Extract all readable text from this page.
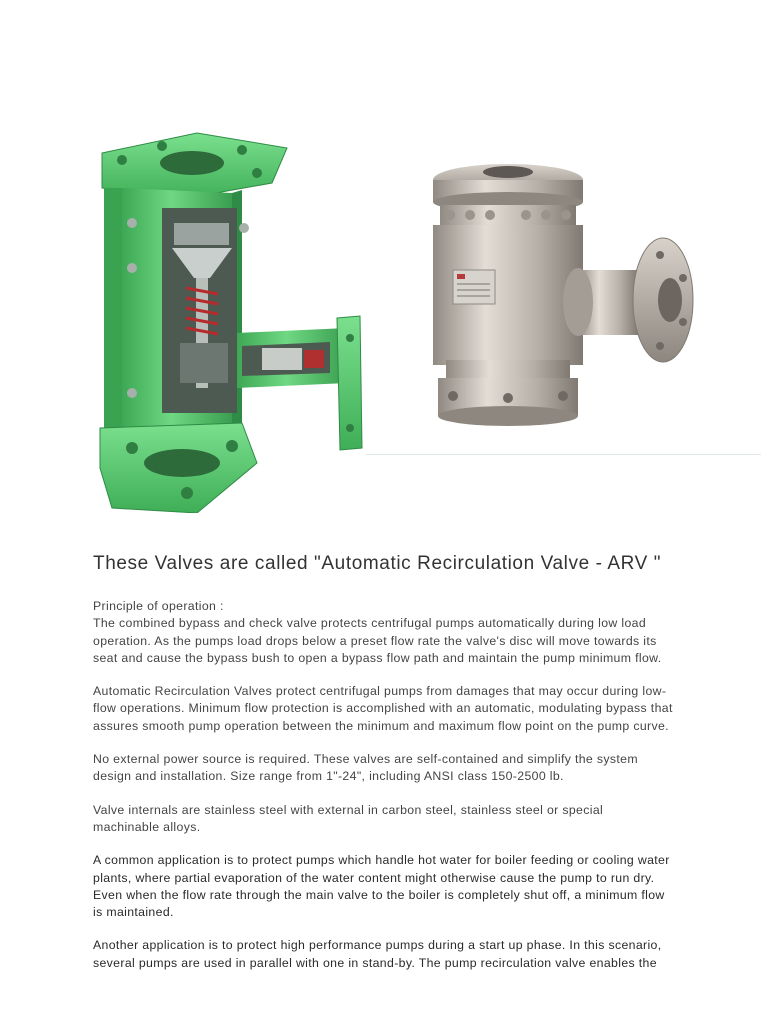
These Valves are called "Automatic Recirculation Valve - ARV "

Principle of operation :
The combined bypass and check valve protects centrifugal pumps automatically during low load operation. As the pumps load drops below a preset flow rate the valve's disc will move towards its seat and cause the bypass bush to open a bypass flow path and maintain the pump minimum flow.

Automatic Recirculation Valves protect centrifugal pumps from damages that may occur during low-flow operations. Minimum flow protection is accomplished with an automatic, modulating bypass that assures smooth pump operation between the minimum and maximum flow point on the pump curve.

No external power source is required. These valves are self-contained and simplify the system design and installation. Size range from 1"-24", including ANSI class 150-2500 lb.

Valve internals are stainless steel with external in carbon steel, stainless steel or special machinable alloys.

A common application is to protect pumps which handle hot water for boiler feeding or cooling water plants, where partial evaporation of the water content might otherwise cause the pump to run dry. Even when the flow rate through the main valve to the boiler is completely shut off, a minimum flow is maintained.

Another application is to protect high performance pumps during a start up phase. In this scenario, several pumps are used in parallel with one in stand-by. The pump recirculation valve enables the
